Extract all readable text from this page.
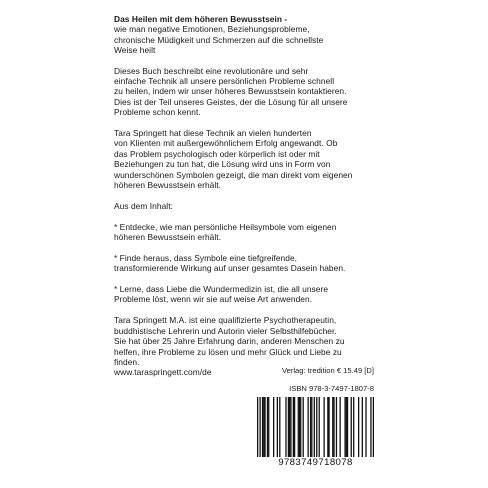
Das Heilen mit dem höheren Bewusstsein -
wie man negative Emotionen, Beziehungsprobleme,
chronische Müdigkeit und Schmerzen auf die schnellste
Weise heilt
Dieses Buch beschreibt eine revolutionäre und sehr
einfache Technik all unsere persönlichen Probleme schnell
zu heilen, indem wir unser höheres Bewusstsein kontaktieren.
Dies ist der Teil unseres Geistes, der die Lösung für all unsere
Probleme schon kennt.
Tara Springett hat diese Technik an vielen hunderten
von Klienten mit außergewöhnlichem Erfolg angewandt. Ob
das Problem psychologisch oder körperlich ist oder mit
Beziehungen zu tun hat, die Lösung wird uns in Form von
wunderschönen Symbolen gezeigt, die man direkt vom eigenen
höheren Bewusstsein erhält.
Aus dem Inhalt:
* Entdecke, wie man persönliche Heilsymbole vom eigenen
höheren Bewusstsein erhält.
* Finde heraus, dass Symbole eine tiefgreifende,
transformierende Wirkung auf unser gesamtes Dasein haben.
* Lerne, dass Liebe die Wundermedizin ist, die all unsere
Probleme löst, wenn wir sie auf weise Art anwenden.
Tara Springett M.A. ist eine qualifizierte Psychotherapeutin,
buddhistische Lehrerin und Autorin vieler Selbsthilfebücher.
Sie hat über 25 Jahre Erfahrung darin, anderen Menschen zu
helfen, ihre Probleme zu lösen und mehr Glück und Liebe zu
finden.
www.taraspringett.com/de	Verlag: tredition € 15.49 [D]
ISBN 978-3-7497-1807-8
9783749718078
